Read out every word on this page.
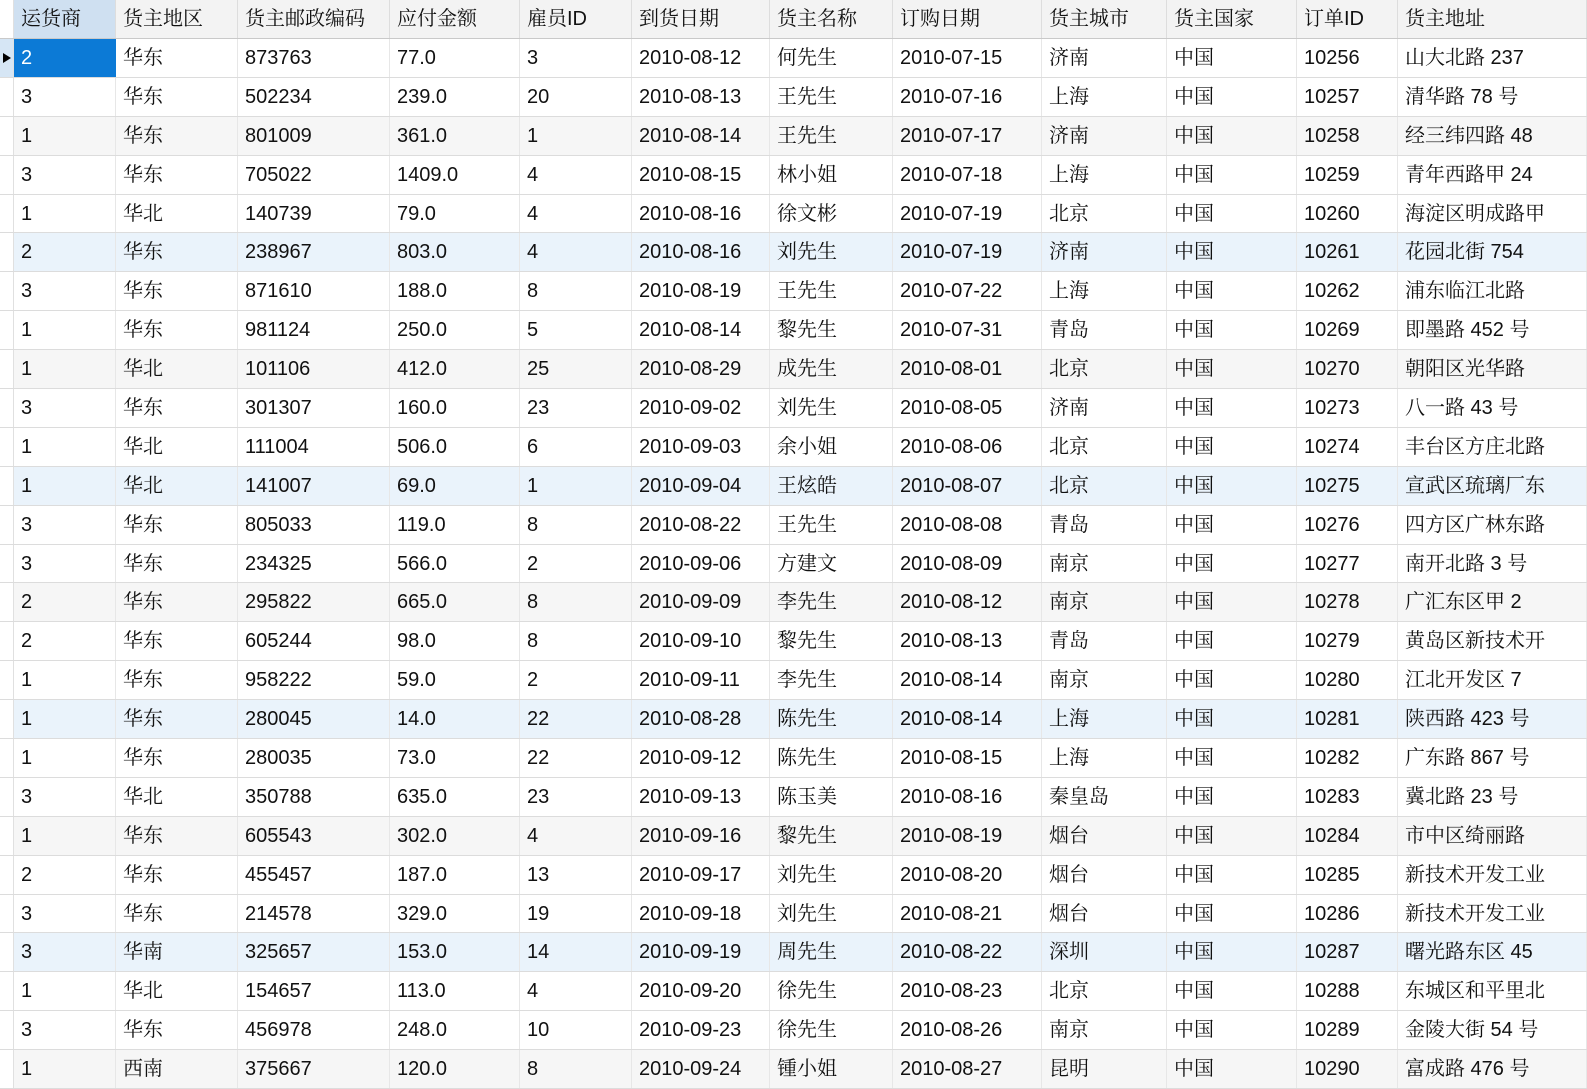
运货商	货主地区	货主邮政编码	应付金额	雇员ID	到货日期	货主名称	订购日期	货主城市	货主国家	订单ID	货主地址
2	华东	873763	77.0	3	2010-08-12	何先生	2010-07-15	济南	中国	10256	山大北路 237
3	华东	502234	239.0	20	2010-08-13	王先生	2010-07-16	上海	中国	10257	清华路 78 号
1	华东	801009	361.0	1	2010-08-14	王先生	2010-07-17	济南	中国	10258	经三纬四路 48
3	华东	705022	1409.0	4	2010-08-15	林小姐	2010-07-18	上海	中国	10259	青年西路甲 24
1	华北	140739	79.0	4	2010-08-16	徐文彬	2010-07-19	北京	中国	10260	海淀区明成路甲
2	华东	238967	803.0	4	2010-08-16	刘先生	2010-07-19	济南	中国	10261	花园北街 754
3	华东	871610	188.0	8	2010-08-19	王先生	2010-07-22	上海	中国	10262	浦东临江北路
1	华东	981124	250.0	5	2010-08-14	黎先生	2010-07-31	青岛	中国	10269	即墨路 452 号
1	华北	101106	412.0	25	2010-08-29	成先生	2010-08-01	北京	中国	10270	朝阳区光华路
3	华东	301307	160.0	23	2010-09-02	刘先生	2010-08-05	济南	中国	10273	八一路 43 号
1	华北	111004	506.0	6	2010-09-03	余小姐	2010-08-06	北京	中国	10274	丰台区方庄北路
1	华北	141007	69.0	1	2010-09-04	王炫皓	2010-08-07	北京	中国	10275	宣武区琉璃厂东
3	华东	805033	119.0	8	2010-08-22	王先生	2010-08-08	青岛	中国	10276	四方区广林东路
3	华东	234325	566.0	2	2010-09-06	方建文	2010-08-09	南京	中国	10277	南开北路 3 号
2	华东	295822	665.0	8	2010-09-09	李先生	2010-08-12	南京	中国	10278	广汇东区甲 2
2	华东	605244	98.0	8	2010-09-10	黎先生	2010-08-13	青岛	中国	10279	黄岛区新技术开
1	华东	958222	59.0	2	2010-09-11	李先生	2010-08-14	南京	中国	10280	江北开发区 7
1	华东	280045	14.0	22	2010-08-28	陈先生	2010-08-14	上海	中国	10281	陕西路 423 号
1	华东	280035	73.0	22	2010-09-12	陈先生	2010-08-15	上海	中国	10282	广东路 867 号
3	华北	350788	635.0	23	2010-09-13	陈玉美	2010-08-16	秦皇岛	中国	10283	冀北路 23 号
1	华东	605543	302.0	4	2010-09-16	黎先生	2010-08-19	烟台	中国	10284	市中区绮丽路
2	华东	455457	187.0	13	2010-09-17	刘先生	2010-08-20	烟台	中国	10285	新技术开发工业
3	华东	214578	329.0	19	2010-09-18	刘先生	2010-08-21	烟台	中国	10286	新技术开发工业
3	华南	325657	153.0	14	2010-09-19	周先生	2010-08-22	深圳	中国	10287	曙光路东区 45
1	华北	154657	113.0	4	2010-09-20	徐先生	2010-08-23	北京	中国	10288	东城区和平里北
3	华东	456978	248.0	10	2010-09-23	徐先生	2010-08-26	南京	中国	10289	金陵大街 54 号
1	西南	375667	120.0	8	2010-09-24	锺小姐	2010-08-27	昆明	中国	10290	富成路 476 号
